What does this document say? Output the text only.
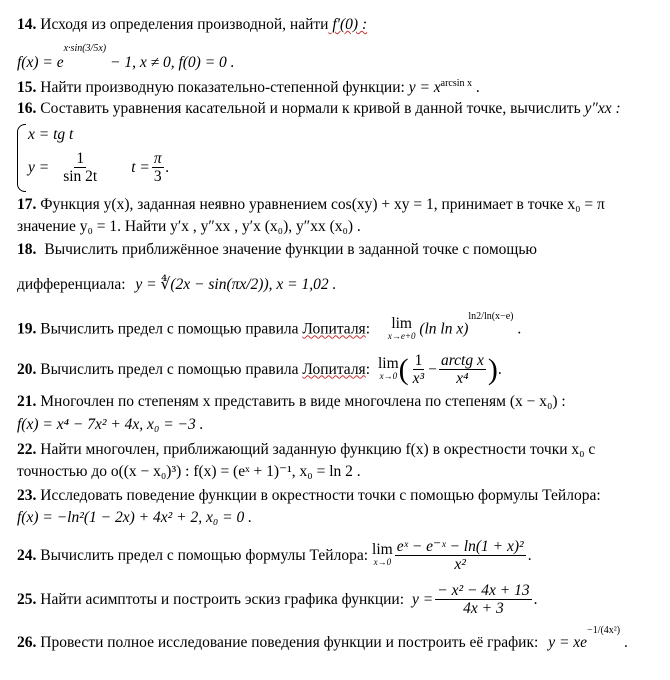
14. Исходя из определения производной, найти f′(0) :
$f(x) = e^{x\cdot sin(3/5x)} - 1$, x ≠ 0, f(0) = 0 .
15. Найти производную показательно-степенной функции: $y = x^{arcsin x}$ .
16. Составить уравнения касательной и нормали к кривой в данной точке, вычислить y″xx :
x = tg t
$y = \frac{1}{\sin 2t}$ $t = \frac{\pi}{3}$ .
17. Функция y(x), заданная неявно уравнением cos(xy) + xy = 1, принимает в точке x₀ = π
значение y₀ = 1. Найти y′x , y″xx , y′x (x₀), y″xx (x₀) .
18. Вычислить приближённое значение функции в заданной точке с помощью
дифференциала: y = ∜(2x − sin(πx/2)), x = 1,02 .
19. Вычислить предел с помощью правила Лопиталя: lim
x→e+0 (ln ln x)$^{ln2/ln(x-e)}$ .
20.
Вычислить предел с помощью правила
Лопиталя : lim
x→0 ( $\frac{1}{\text{x³}} - \frac{\text{arctg x}}{\text{x⁴}}$ ) .
21. Многочлен по степеням x представить в виде многочлена по степеням (x − x₀) :
f(x) = x⁴ − 7x² + 4x, x₀ = −3 .
22. Найти многочлен, приближающий заданную функцию f(x) в окрестности точки x₀ с
точностью до o((x − x₀)³) : f(x) = (eˣ + 1)⁻¹, x₀ = ln 2 .
23. Исследовать поведение функции в окрестности точки с помощью формулы Тейлора:
f(x) = −ln²(1 − 2x) + 4x² + 2, x₀ = 0 .
24.
Вычислить предел с помощью формулы Тейлора: lim
$x\to 0 \frac{\text{eˣ − e⁻ˣ − ln(1 + x)²}}{\text{x²}}$ .
25.
Найти асимптоты и построить эскиз графика функции: $y = \frac{\text{− x² − 4x + 13}}{4x + 3}$ .
26. Провести полное исследование поведения функции и построить её график: $y = xe^{-1/(4x^2)}$ .
